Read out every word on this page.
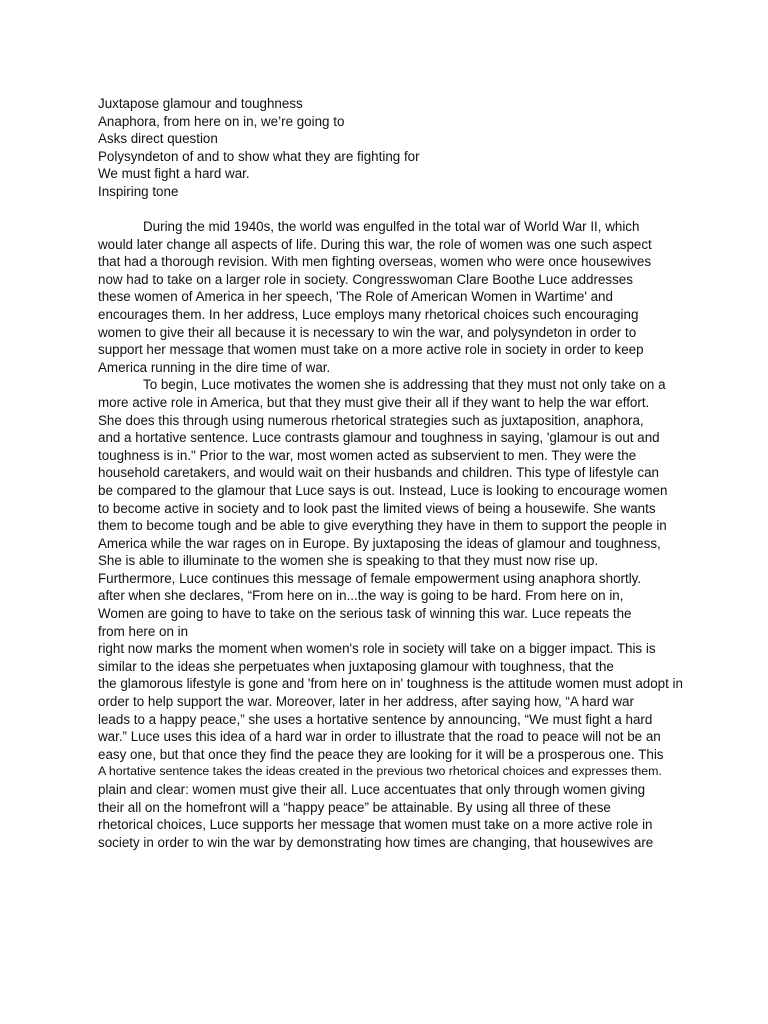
Juxtapose glamour and toughness
Anaphora, from here on in, we’re going to
Asks direct question
Polysyndeton of and to show what they are fighting for
We must fight a hard war.
Inspiring tone
During the mid 1940s, the world was engulfed in the total war of World War II, which
would later change all aspects of life. During this war, the role of women was one such aspect
that had a thorough revision. With men fighting overseas, women who were once housewives
now had to take on a larger role in society. Congresswoman Clare Boothe Luce addresses
these women of America in her speech, 'The Role of American Women in Wartime' and
encourages them. In her address, Luce employs many rhetorical choices such encouraging
women to give their all because it is necessary to win the war, and polysyndeton in order to
support her message that women must take on a more active role in society in order to keep
America running in the dire time of war.
To begin, Luce motivates the women she is addressing that they must not only take on a
more active role in America, but that they must give their all if they want to help the war effort.
She does this through using numerous rhetorical strategies such as juxtaposition, anaphora,
and a hortative sentence. Luce contrasts glamour and toughness in saying, 'glamour is out and
toughness is in." Prior to the war, most women acted as subservient to men. They were the
household caretakers, and would wait on their husbands and children. This type of lifestyle can
be compared to the glamour that Luce says is out. Instead, Luce is looking to encourage women
to become active in society and to look past the limited views of being a housewife. She wants
them to become tough and be able to give everything they have in them to support the people in
America while the war rages on in Europe. By juxtaposing the ideas of glamour and toughness,
She is able to illuminate to the women she is speaking to that they must now rise up.
Furthermore, Luce continues this message of female empowerment using anaphora shortly.
after when she declares, “From here on in...the way is going to be hard. From here on in,
Women are going to have to take on the serious task of winning this war. Luce repeats the
from here on in
right now marks the moment when women's role in society will take on a bigger impact. This is
similar to the ideas she perpetuates when juxtaposing glamour with toughness, that the
the glamorous lifestyle is gone and 'from here on in' toughness is the attitude women must adopt in
order to help support the war. Moreover, later in her address, after saying how, “A hard war
leads to a happy peace,” she uses a hortative sentence by announcing, “We must fight a hard
war.” Luce uses this idea of a hard war in order to illustrate that the road to peace will not be an
easy one, but that once they find the peace they are looking for it will be a prosperous one. This
A hortative sentence takes the ideas created in the previous two rhetorical choices and expresses them.
plain and clear: women must give their all. Luce accentuates that only through women giving
their all on the homefront will a “happy peace” be attainable. By using all three of these
rhetorical choices, Luce supports her message that women must take on a more active role in
society in order to win the war by demonstrating how times are changing, that housewives are
